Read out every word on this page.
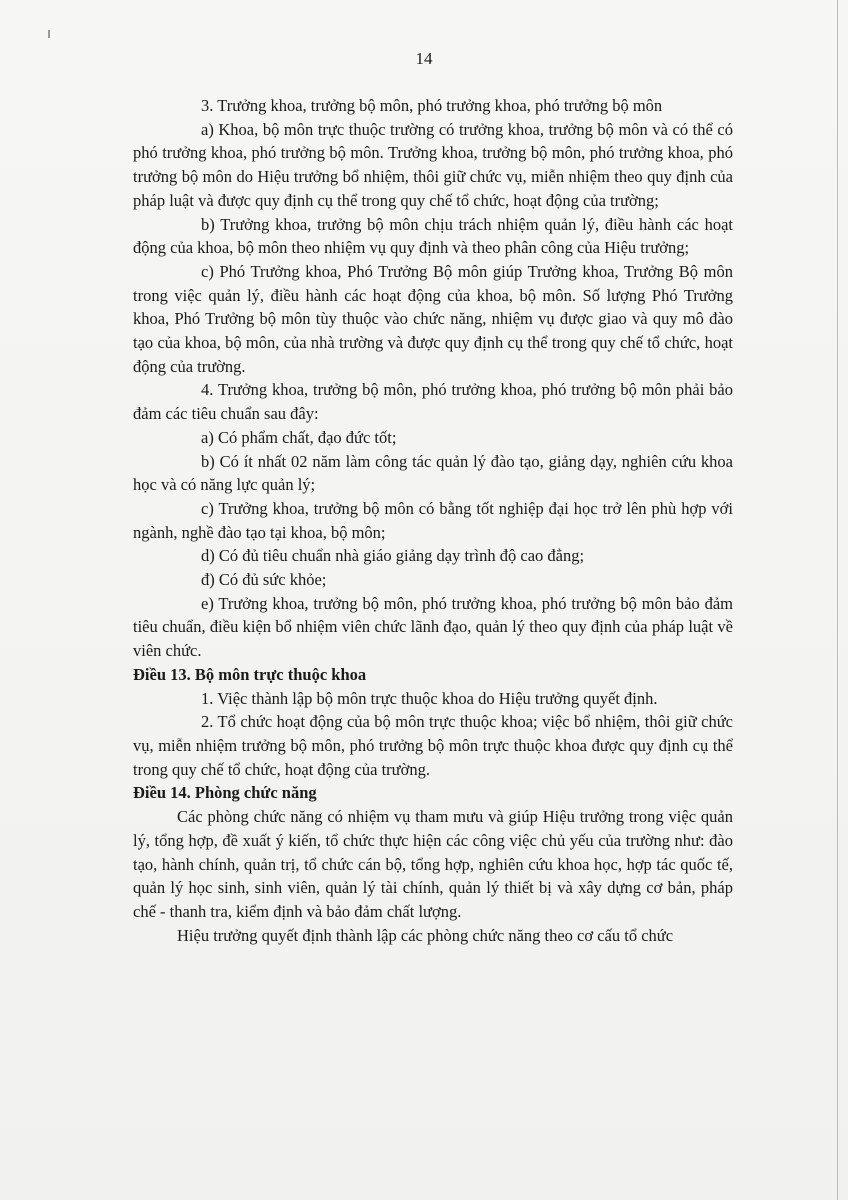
14

3. Trưởng khoa, trưởng bộ môn, phó trưởng khoa, phó trưởng bộ môn

a) Khoa, bộ môn trực thuộc trường có trưởng khoa, trưởng bộ môn và có thể có phó trưởng khoa, phó trưởng bộ môn. Trưởng khoa, trưởng bộ môn, phó trưởng khoa, phó trưởng bộ môn do Hiệu trưởng bổ nhiệm, thôi giữ chức vụ, miễn nhiệm theo quy định của pháp luật và được quy định cụ thể trong quy chế tổ chức, hoạt động của trường;

b) Trưởng khoa, trưởng bộ môn chịu trách nhiệm quản lý, điều hành các hoạt động của khoa, bộ môn theo nhiệm vụ quy định và theo phân công của Hiệu trưởng;

c) Phó Trưởng khoa, Phó Trưởng Bộ môn giúp Trưởng khoa, Trưởng Bộ môn trong việc quản lý, điều hành các hoạt động của khoa, bộ môn. Số lượng Phó Trưởng khoa, Phó Trưởng bộ môn tùy thuộc vào chức năng, nhiệm vụ được giao và quy mô đào tạo của khoa, bộ môn, của nhà trường và được quy định cụ thể trong quy chế tổ chức, hoạt động của trường.

4. Trưởng khoa, trưởng bộ môn, phó trưởng khoa, phó trưởng bộ môn phải bảo đảm các tiêu chuẩn sau đây:

a) Có phẩm chất, đạo đức tốt;

b) Có ít nhất 02 năm làm công tác quản lý đào tạo, giảng dạy, nghiên cứu khoa học và có năng lực quản lý;

c) Trưởng khoa, trưởng bộ môn có bằng tốt nghiệp đại học trở lên phù hợp với ngành, nghề đào tạo tại khoa, bộ môn;

d) Có đủ tiêu chuẩn nhà giáo giảng dạy trình độ cao đẳng;

đ) Có đủ sức khỏe;

e) Trưởng khoa, trưởng bộ môn, phó trưởng khoa, phó trưởng bộ môn bảo đảm tiêu chuẩn, điều kiện bổ nhiệm viên chức lãnh đạo, quản lý theo quy định của pháp luật về viên chức.

Điều 13. Bộ môn trực thuộc khoa

1. Việc thành lập bộ môn trực thuộc khoa do Hiệu trưởng quyết định.

2. Tổ chức hoạt động của bộ môn trực thuộc khoa; việc bổ nhiệm, thôi giữ chức vụ, miễn nhiệm trưởng bộ môn, phó trưởng bộ môn trực thuộc khoa được quy định cụ thể trong quy chế tổ chức, hoạt động của trường.

Điều 14. Phòng chức năng

Các phòng chức năng có nhiệm vụ tham mưu và giúp Hiệu trưởng trong việc quản lý, tổng hợp, đề xuất ý kiến, tổ chức thực hiện các công việc chủ yếu của trường như: đào tạo, hành chính, quản trị, tổ chức cán bộ, tổng hợp, nghiên cứu khoa học, hợp tác quốc tế, quản lý học sinh, sinh viên, quản lý tài chính, quản lý thiết bị và xây dựng cơ bản, pháp chế - thanh tra, kiểm định và bảo đảm chất lượng.

Hiệu trưởng quyết định thành lập các phòng chức năng theo cơ cấu tổ chức
